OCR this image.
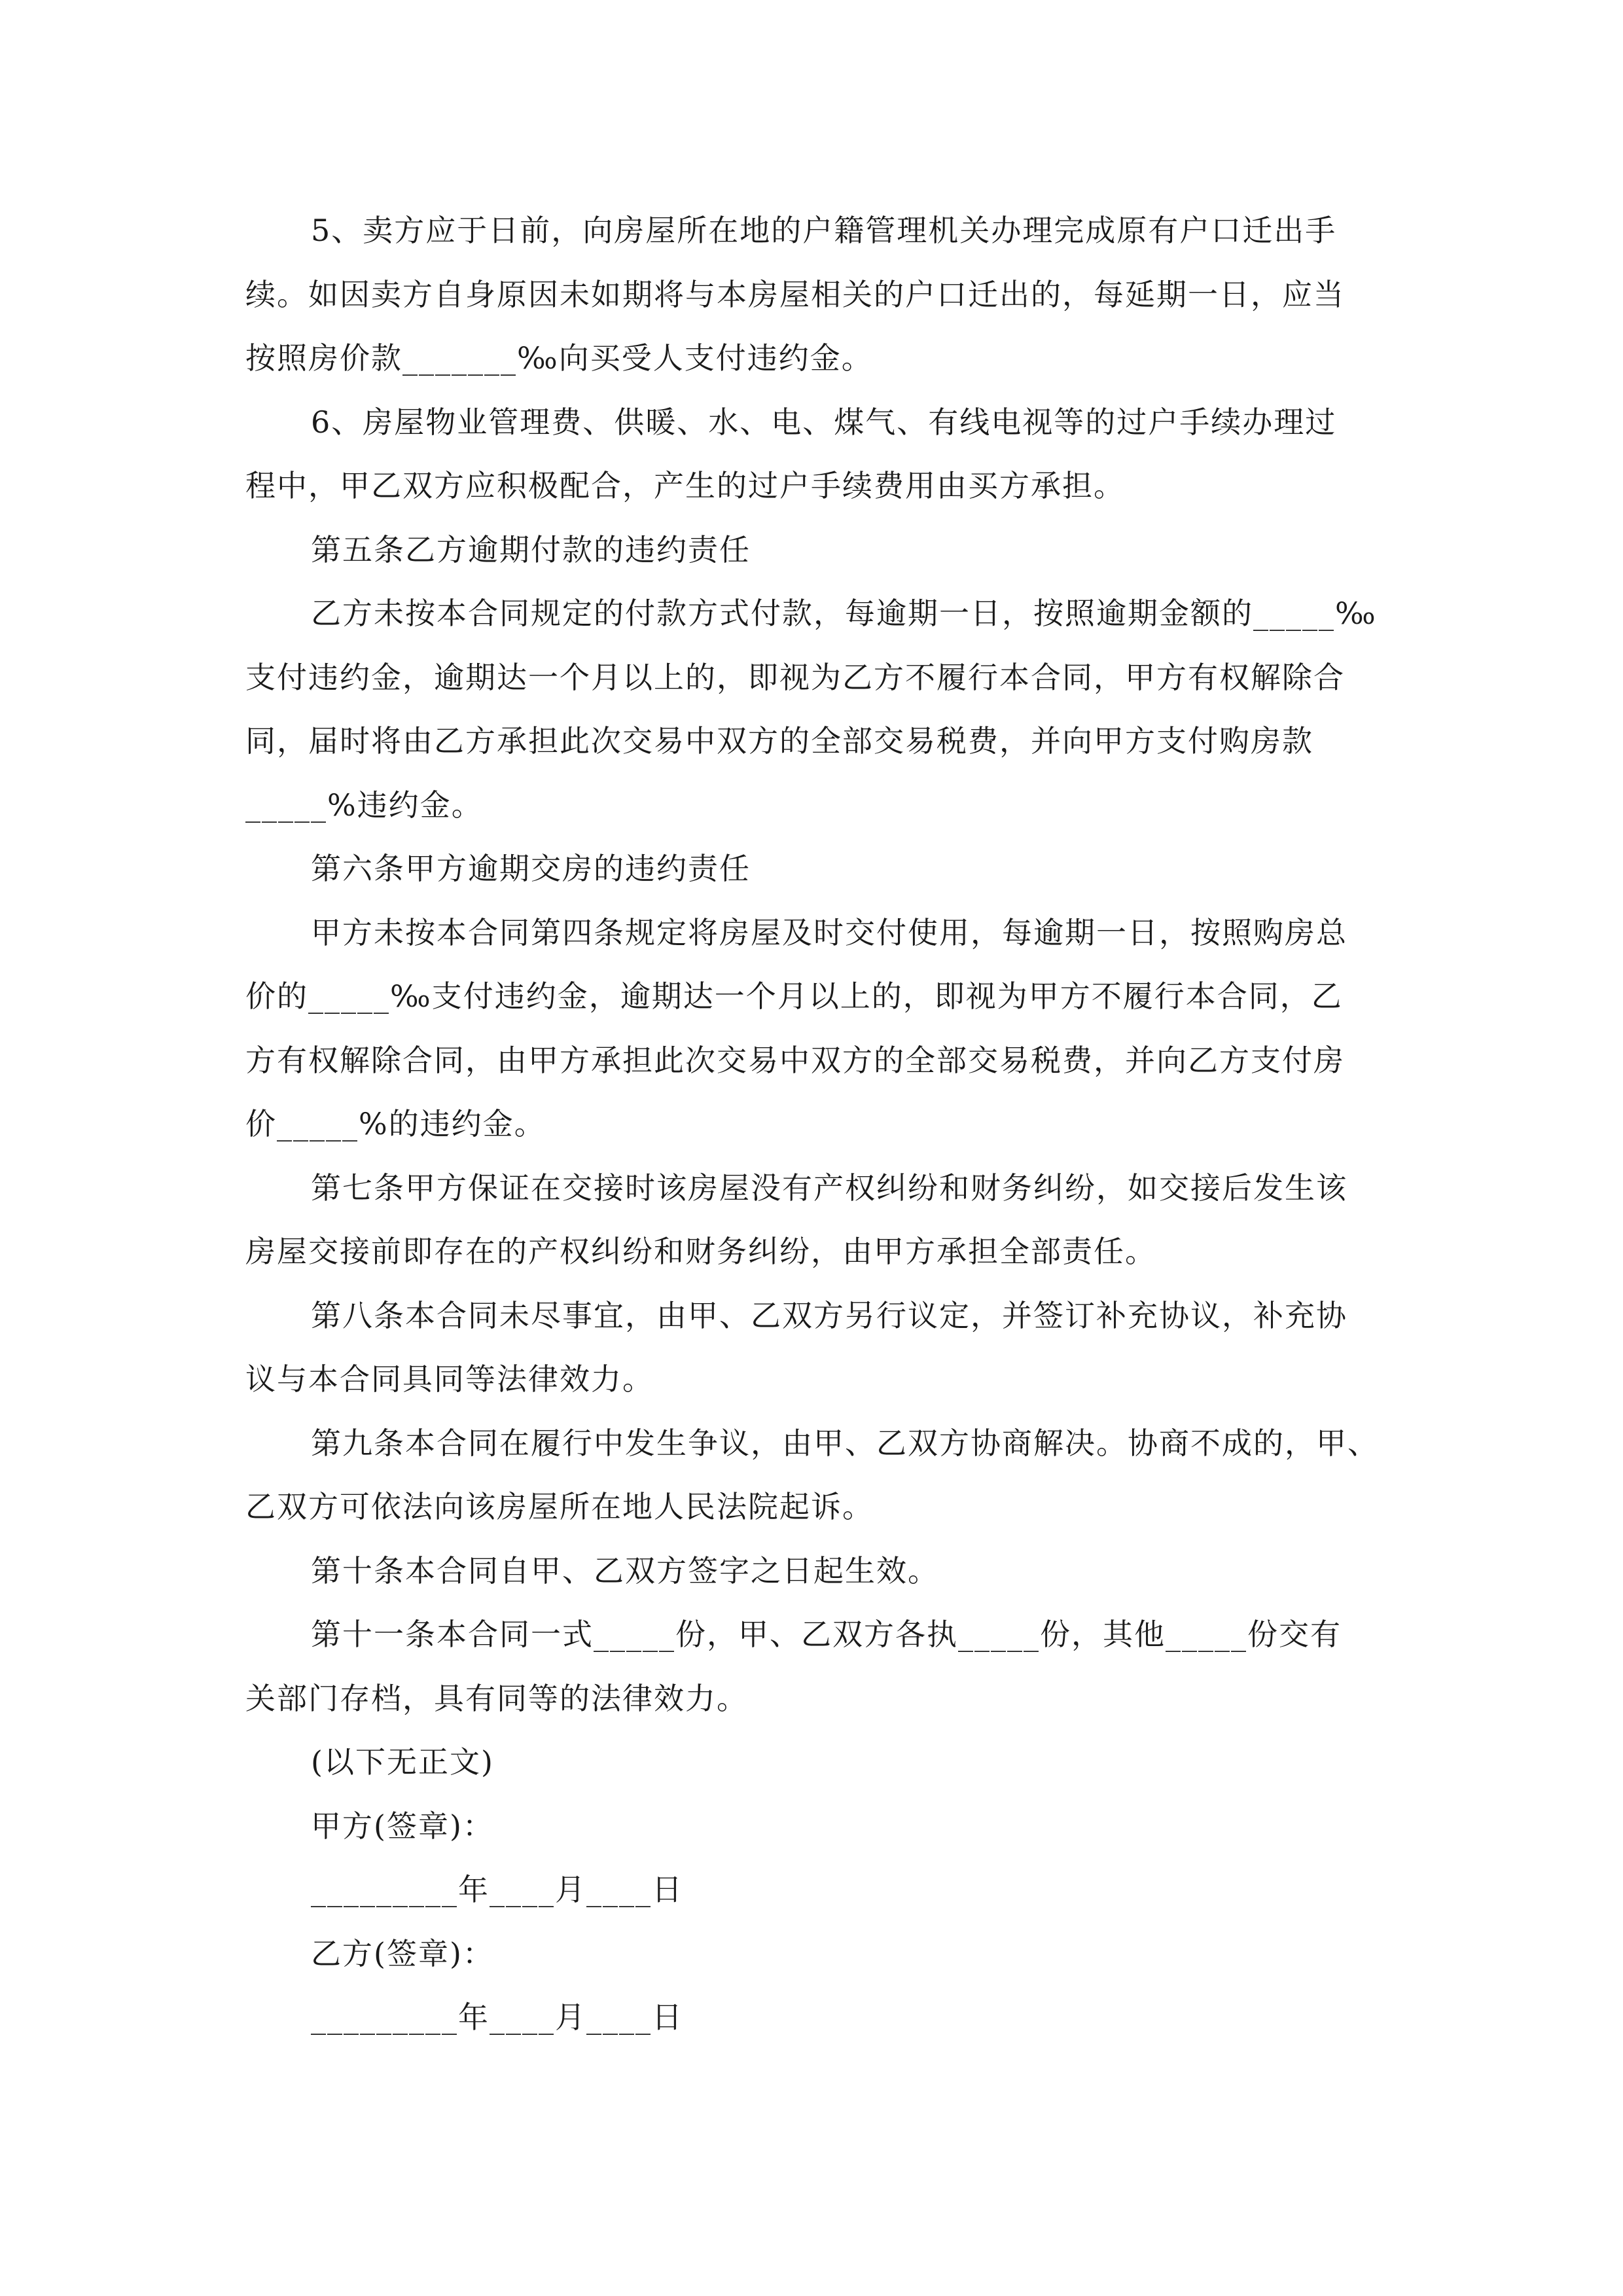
5、卖方应于日前，向房屋所在地的户籍管理机关办理完成原有户口迁出手
续。如因卖方自身原因未如期将与本房屋相关的户口迁出的，每延期一日，应当
按照房价款_______‰向买受人支付违约金。
6、房屋物业管理费、供暖、水、电、煤气、有线电视等的过户手续办理过
程中，甲乙双方应积极配合，产生的过户手续费用由买方承担。
第五条乙方逾期付款的违约责任
乙方未按本合同规定的付款方式付款，每逾期一日，按照逾期金额的_____‰
支付违约金，逾期达一个月以上的，即视为乙方不履行本合同，甲方有权解除合
同，届时将由乙方承担此次交易中双方的全部交易税费，并向甲方支付购房款
_____%违约金。
第六条甲方逾期交房的违约责任
甲方未按本合同第四条规定将房屋及时交付使用，每逾期一日，按照购房总
价的_____‰支付违约金，逾期达一个月以上的，即视为甲方不履行本合同，乙
方有权解除合同，由甲方承担此次交易中双方的全部交易税费，并向乙方支付房
价_____%的违约金。
第七条甲方保证在交接时该房屋没有产权纠纷和财务纠纷，如交接后发生该
房屋交接前即存在的产权纠纷和财务纠纷，由甲方承担全部责任。
第八条本合同未尽事宜，由甲、乙双方另行议定，并签订补充协议，补充协
议与本合同具同等法律效力。
第九条本合同在履行中发生争议，由甲、乙双方协商解决。协商不成的，甲、
乙双方可依法向该房屋所在地人民法院起诉。
第十条本合同自甲、乙双方签字之日起生效。
第十一条本合同一式_____份，甲、乙双方各执_____份，其他_____份交有
关部门存档，具有同等的法律效力。
(以下无正文)
甲方(签章)：
_________年____月____日
乙方(签章)：
_________年____月____日
